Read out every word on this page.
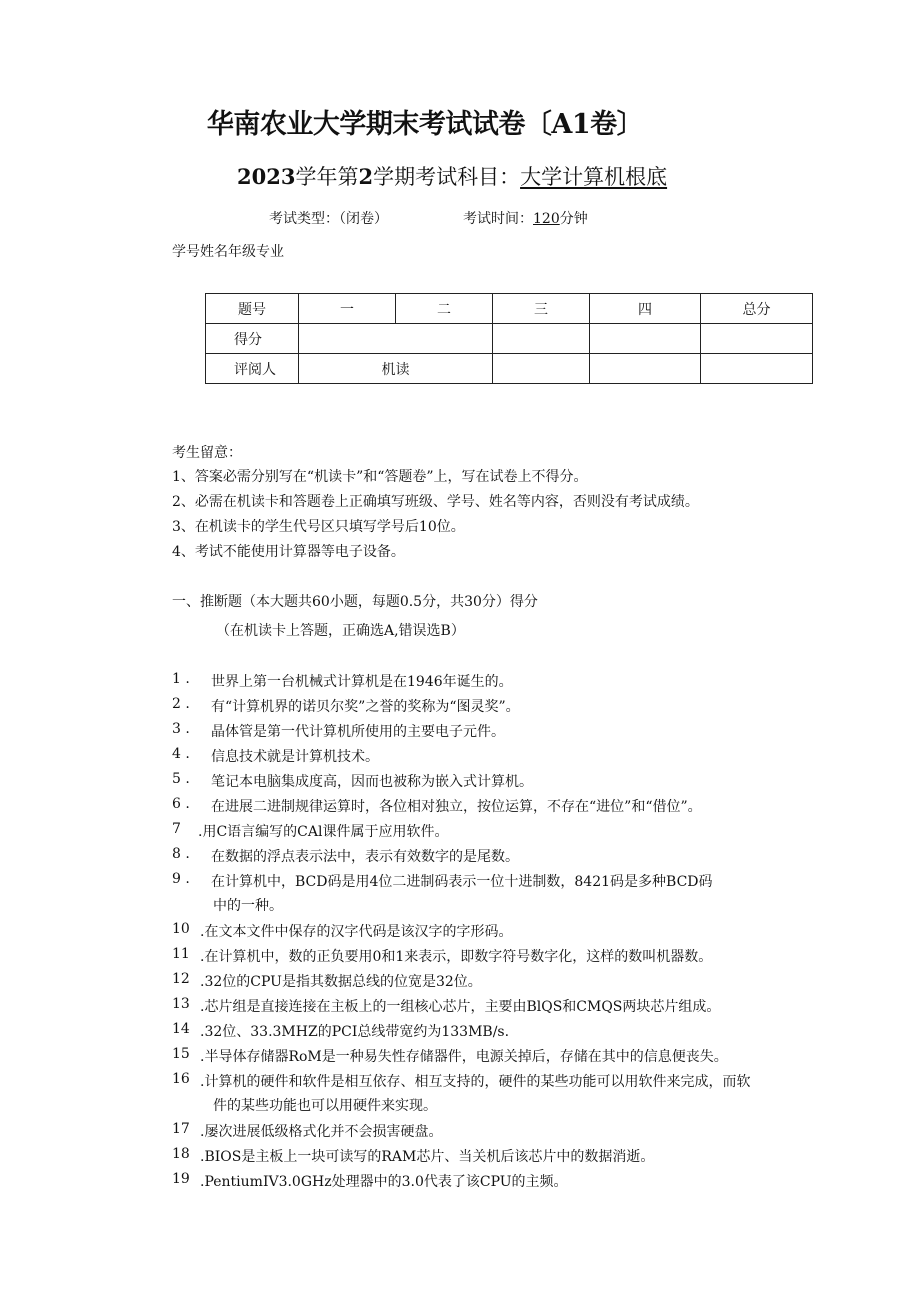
华南农业大学期末考试试卷〔A1卷〕
2023学年第2学期考试科目：大学计算机根底
考试类型：（闭卷）	考试时间：120分钟
学号姓名年级专业
题号	一	二	三	四	总分
得分					
评阅人	机读				
考生留意：
1、答案必需分别写在“机读卡”和“答题卷”上，写在试卷上不得分。
2、必需在机读卡和答题卷上正确填写班级、学号、姓名等内容，否则没有考试成绩。
3、在机读卡的学生代号区只填写学号后10位。
4、考试不能使用计算器等电子设备。
一、推断题（本大题共60小题，每题0.5分，共30分）得分
（在机读卡上答题，正确选A,错误选B）
1 . 世界上第一台机械式计算机是在1946年诞生的。
2 . 有“计算机界的诺贝尔奖”之誉的奖称为“图灵奖”。
3 . 晶体管是第一代计算机所使用的主要电子元件。
4 . 信息技术就是计算机技术。
5 . 笔记本电脑集成度高，因而也被称为嵌入式计算机。
6 . 在进展二进制规律运算时，各位相对独立，按位运算，不存在“进位”和“借位”。
7 .用C语言编写的CAl课件属于应用软件。
8 . 在数据的浮点表示法中，表示有效数字的是尾数。
9 . 在计算机中，BCD码是用4位二进制码表示一位十进制数，8421码是多种BCD码
中的一种。
10 .在文本文件中保存的汉字代码是该汉字的字形码。
11 .在计算机中，数的正负要用0和1来表示，即数字符号数字化，这样的数叫机器数。
12 .32位的CPU是指其数据总线的位宽是32位。
13 .芯片组是直接连接在主板上的一组核心芯片，主要由BlQS和CMQS两块芯片组成。
14 .32位、33.3MHZ的PCI总线带宽约为133MB∕s.
15 .半导体存储器RoM是一种易失性存储器件，电源关掉后，存储在其中的信息便丧失。
16 .计算机的硬件和软件是相互依存、相互支持的，硬件的某些功能可以用软件来完成，而软
件的某些功能也可以用硬件来实现。
17 .屡次进展低级格式化并不会损害硬盘。
18 .BIOS是主板上一块可读写的RAM芯片、当关机后该芯片中的数据消逝。
19 .PentiumIV3.0GHz处理器中的3.0代表了该CPU的主频。
